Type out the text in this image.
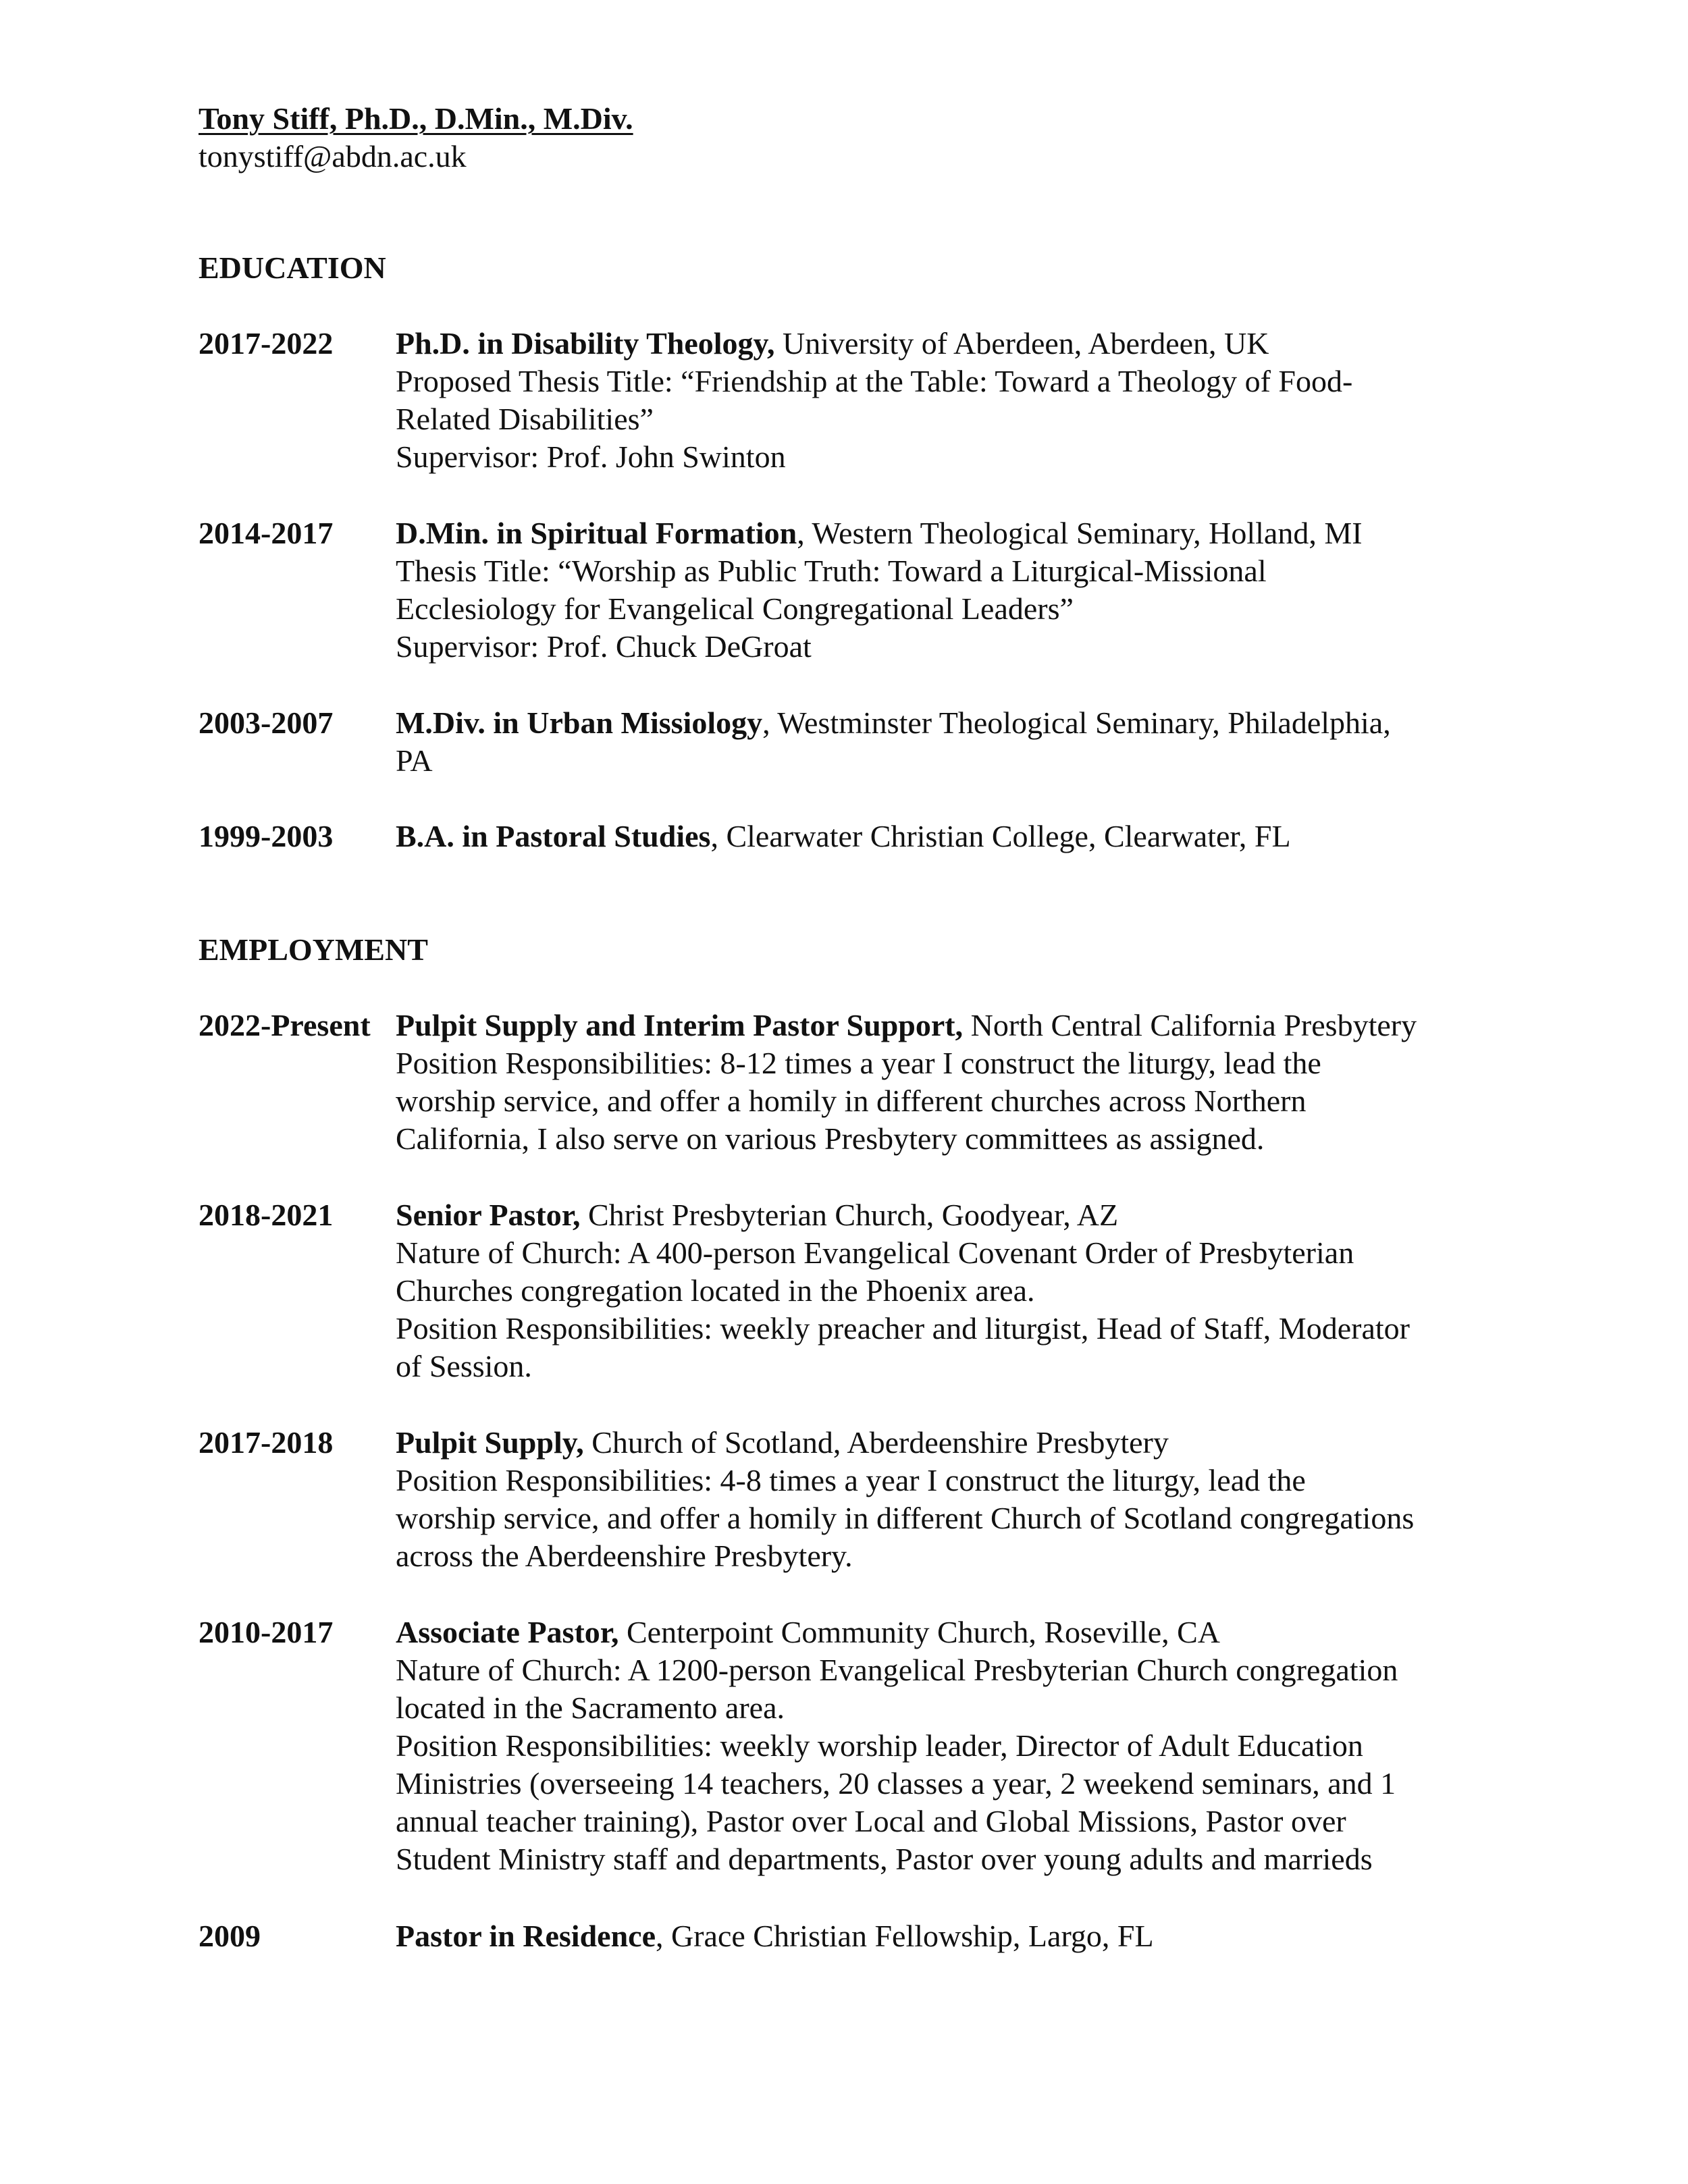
Tony Stiff, Ph.D., D.Min., M.Div.
tonystiff@abdn.ac.uk
EDUCATION
2017-2022 Ph.D. in Disability Theology, University of Aberdeen, Aberdeen, UK
Proposed Thesis Title: “Friendship at the Table: Toward a Theology of Food-
Related Disabilities”
Supervisor: Prof. John Swinton
2014-2017 D.Min. in Spiritual Formation, Western Theological Seminary, Holland, MI
Thesis Title: “Worship as Public Truth: Toward a Liturgical-Missional
Ecclesiology for Evangelical Congregational Leaders”
Supervisor: Prof. Chuck DeGroat
2003-2007 M.Div. in Urban Missiology, Westminster Theological Seminary, Philadelphia,
PA
1999-2003 B.A. in Pastoral Studies, Clearwater Christian College, Clearwater, FL
EMPLOYMENT
2022-Present Pulpit Supply and Interim Pastor Support, North Central California Presbytery
Position Responsibilities: 8-12 times a year I construct the liturgy, lead the
worship service, and offer a homily in different churches across Northern
California, I also serve on various Presbytery committees as assigned.
2018-2021 Senior Pastor, Christ Presbyterian Church, Goodyear, AZ
Nature of Church: A 400-person Evangelical Covenant Order of Presbyterian
Churches congregation located in the Phoenix area.
Position Responsibilities: weekly preacher and liturgist, Head of Staff, Moderator
of Session.
2017-2018 Pulpit Supply, Church of Scotland, Aberdeenshire Presbytery
Position Responsibilities: 4-8 times a year I construct the liturgy, lead the
worship service, and offer a homily in different Church of Scotland congregations
across the Aberdeenshire Presbytery.
2010-2017 Associate Pastor, Centerpoint Community Church, Roseville, CA
Nature of Church: A 1200-person Evangelical Presbyterian Church congregation
located in the Sacramento area.
Position Responsibilities: weekly worship leader, Director of Adult Education
Ministries (overseeing 14 teachers, 20 classes a year, 2 weekend seminars, and 1
annual teacher training), Pastor over Local and Global Missions, Pastor over
Student Ministry staff and departments, Pastor over young adults and marrieds
2009	Pastor in Residence, Grace Christian Fellowship, Largo, FL
